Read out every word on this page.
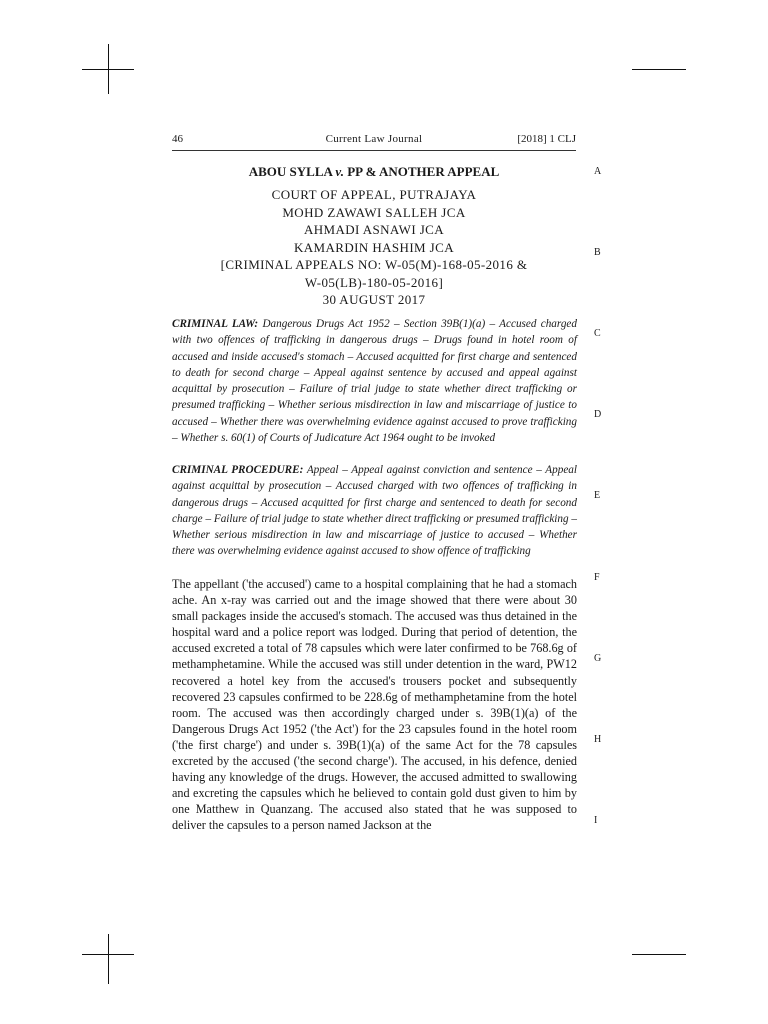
46	Current Law Journal	[2018] 1 CLJ
ABOU SYLLA v. PP & ANOTHER APPEAL
COURT OF APPEAL, PUTRAJAYA
MOHD ZAWAWI SALLEH JCA
AHMADI ASNAWI JCA
KAMARDIN HASHIM JCA
[CRIMINAL APPEALS NO: W-05(M)-168-05-2016 &
W-05(LB)-180-05-2016]
30 AUGUST 2017
CRIMINAL LAW: Dangerous Drugs Act 1952 – Section 39B(1)(a) – Accused charged with two offences of trafficking in dangerous drugs – Drugs found in hotel room of accused and inside accused's stomach – Accused acquitted for first charge and sentenced to death for second charge – Appeal against sentence by accused and appeal against acquittal by prosecution – Failure of trial judge to state whether direct trafficking or presumed trafficking – Whether serious misdirection in law and miscarriage of justice to accused – Whether there was overwhelming evidence against accused to prove trafficking – Whether s. 60(1) of Courts of Judicature Act 1964 ought to be invoked
CRIMINAL PROCEDURE: Appeal – Appeal against conviction and sentence – Appeal against acquittal by prosecution – Accused charged with two offences of trafficking in dangerous drugs – Accused acquitted for first charge and sentenced to death for second charge – Failure of trial judge to state whether direct trafficking or presumed trafficking – Whether serious misdirection in law and miscarriage of justice to accused – Whether there was overwhelming evidence against accused to show offence of trafficking
The appellant ('the accused') came to a hospital complaining that he had a stomach ache. An x-ray was carried out and the image showed that there were about 30 small packages inside the accused's stomach. The accused was thus detained in the hospital ward and a police report was lodged. During that period of detention, the accused excreted a total of 78 capsules which were later confirmed to be 768.6g of methamphetamine. While the accused was still under detention in the ward, PW12 recovered a hotel key from the accused's trousers pocket and subsequently recovered 23 capsules confirmed to be 228.6g of methamphetamine from the hotel room. The accused was then accordingly charged under s. 39B(1)(a) of the Dangerous Drugs Act 1952 ('the Act') for the 23 capsules found in the hotel room ('the first charge') and under s. 39B(1)(a) of the same Act for the 78 capsules excreted by the accused ('the second charge'). The accused, in his defence, denied having any knowledge of the drugs. However, the accused admitted to swallowing and excreting the capsules which he believed to contain gold dust given to him by one Matthew in Quanzang. The accused also stated that he was supposed to deliver the capsules to a person named Jackson at the
A
B
C
D
E
F
G
H
I
